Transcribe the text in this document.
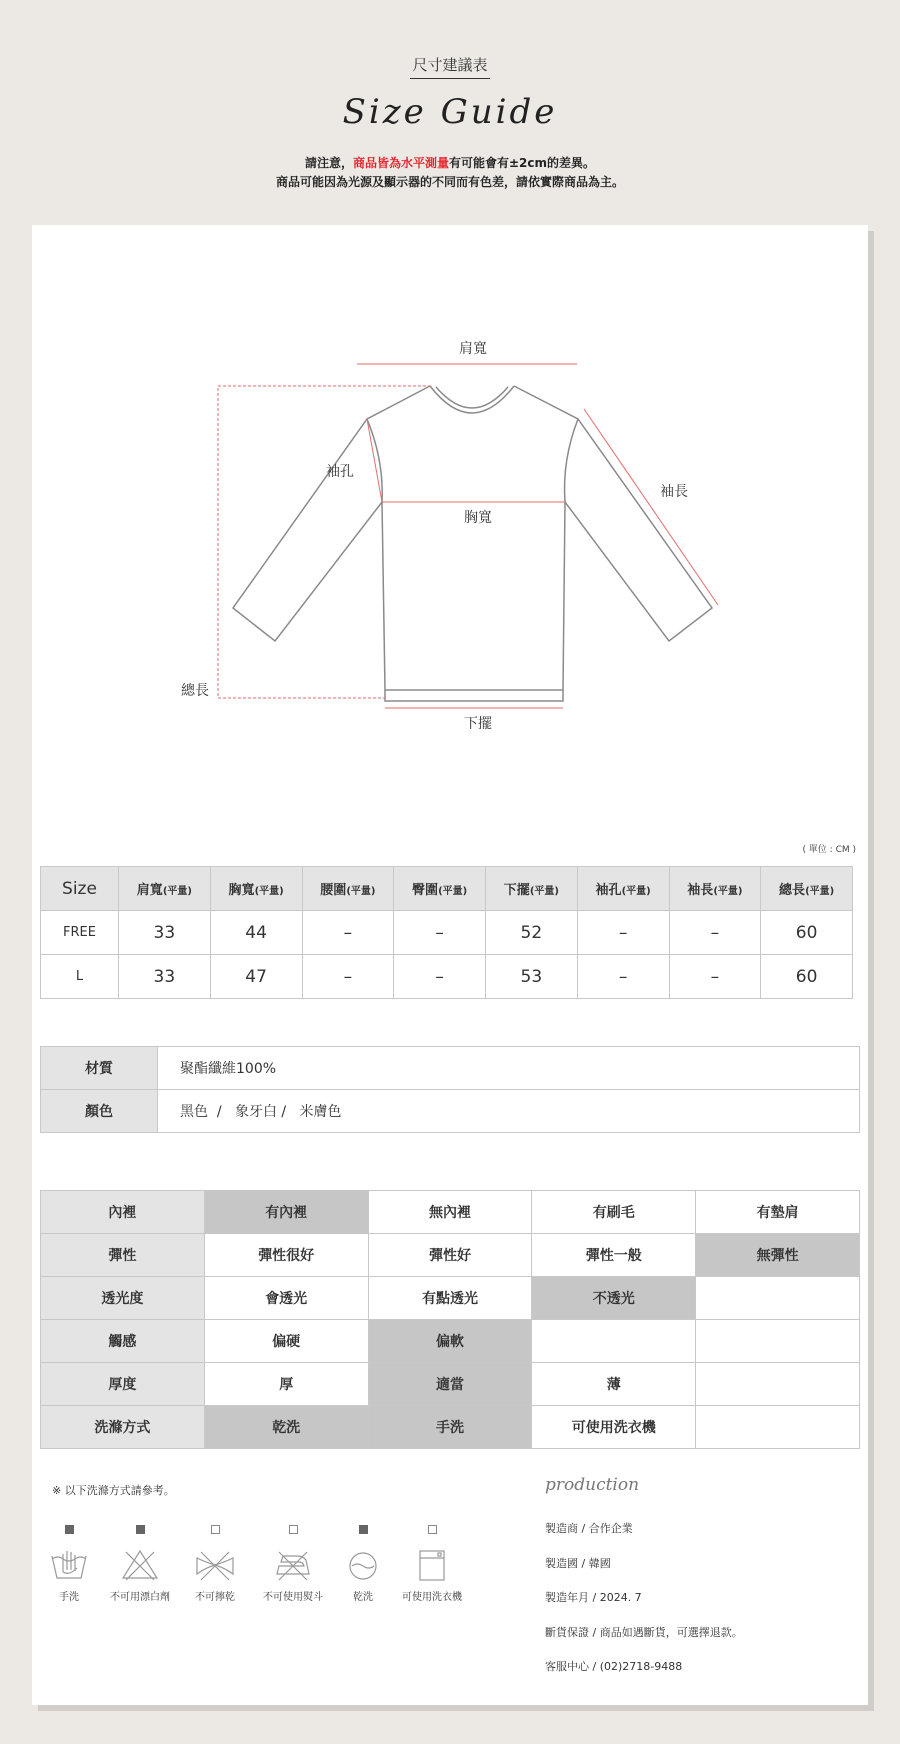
尺寸建議表
Size Guide
請注意，商品皆為水平測量有可能會有±2cm的差異。
商品可能因為光源及顯示器的不同而有色差，請依實際商品為主。
肩寬
袖孔
袖長
胸寬
總長
下擺
( 單位 : CM )
Size	肩寬(平量)	胸寬(平量)	腰圍(平量)	臀圍(平量)	下擺(平量)	袖孔(平量)	袖長(平量)	總長(平量)
FREE	33	44	–	–	52	–	–	60
L	33	47	–	–	53	–	–	60
材質	聚酯纖維100%
顏色	黑色  /   象牙白 /   米膚色
內裡	有內裡	無內裡	有刷毛	有墊肩
彈性	彈性很好	彈性好	彈性一般	無彈性
透光度	會透光	有點透光	不透光	
觸感	偏硬	偏軟		
厚度	厚	適當	薄	
洗滌方式	乾洗	手洗	可使用洗衣機	
※ 以下洗滌方式請參考。
手洗	不可用漂白劑	不可擰乾	不可使用熨斗	乾洗	可使用洗衣機
production
製造商 / 合作企業
製造國 / 韓國
製造年月 / 2024. 7
斷貨保證 / 商品如遇斷貨，可選擇退款。
客服中心 / (02)2718-9488
